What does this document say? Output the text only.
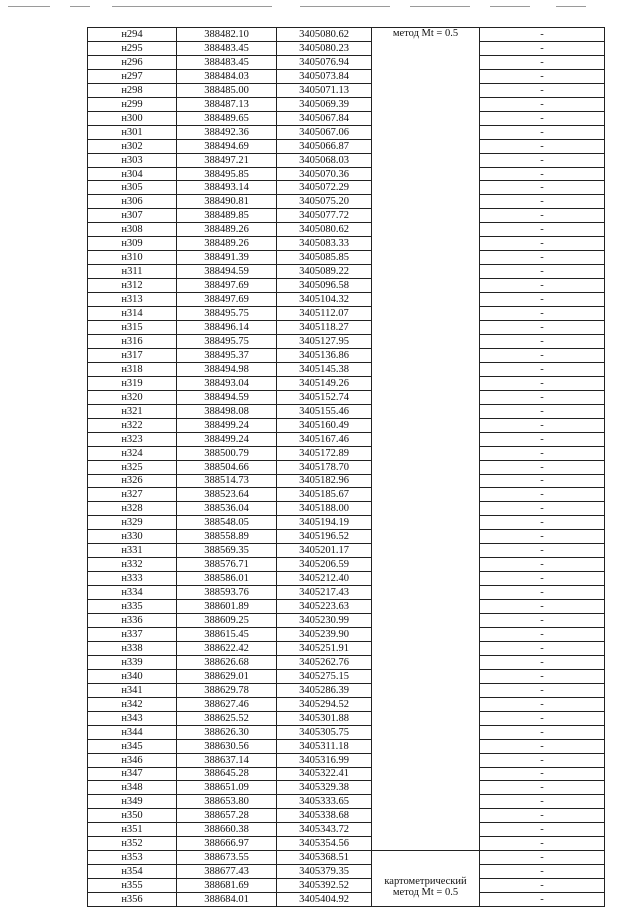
н294	388482.10	3405080.62	метод Mt = 0.5	-
н295	388483.45	3405080.23		-
н296	388483.45	3405076.94		-
н297	388484.03	3405073.84		-
н298	388485.00	3405071.13		-
н299	388487.13	3405069.39		-
н300	388489.65	3405067.84		-
н301	388492.36	3405067.06		-
н302	388494.69	3405066.87		-
н303	388497.21	3405068.03		-
н304	388495.85	3405070.36		-
н305	388493.14	3405072.29		-
н306	388490.81	3405075.20		-
н307	388489.85	3405077.72		-
н308	388489.26	3405080.62		-
н309	388489.26	3405083.33		-
н310	388491.39	3405085.85		-
н311	388494.59	3405089.22		-
н312	388497.69	3405096.58		-
н313	388497.69	3405104.32		-
н314	388495.75	3405112.07		-
н315	388496.14	3405118.27		-
н316	388495.75	3405127.95		-
н317	388495.37	3405136.86		-
н318	388494.98	3405145.38		-
н319	388493.04	3405149.26		-
н320	388494.59	3405152.74		-
н321	388498.08	3405155.46		-
н322	388499.24	3405160.49		-
н323	388499.24	3405167.46		-
н324	388500.79	3405172.89		-
н325	388504.66	3405178.70		-
н326	388514.73	3405182.96		-
н327	388523.64	3405185.67		-
н328	388536.04	3405188.00		-
н329	388548.05	3405194.19		-
н330	388558.89	3405196.52		-
н331	388569.35	3405201.17		-
н332	388576.71	3405206.59		-
н333	388586.01	3405212.40		-
н334	388593.76	3405217.43		-
н335	388601.89	3405223.63		-
н336	388609.25	3405230.99		-
н337	388615.45	3405239.90		-
н338	388622.42	3405251.91		-
н339	388626.68	3405262.76		-
н340	388629.01	3405275.15		-
н341	388629.78	3405286.39		-
н342	388627.46	3405294.52		-
н343	388625.52	3405301.88		-
н344	388626.30	3405305.75		-
н345	388630.56	3405311.18		-
н346	388637.14	3405316.99		-
н347	388645.28	3405322.41		-
н348	388651.09	3405329.38		-
н349	388653.80	3405333.65		-
н350	388657.28	3405338.68		-
н351	388660.38	3405343.72		-
н352	388666.97	3405354.56		-
н353	388673.55	3405368.51	картометрический метод Mt = 0.5	-
н354	388677.43	3405379.35		-
н355	388681.69	3405392.52		-
н356	388684.01	3405404.92		-
